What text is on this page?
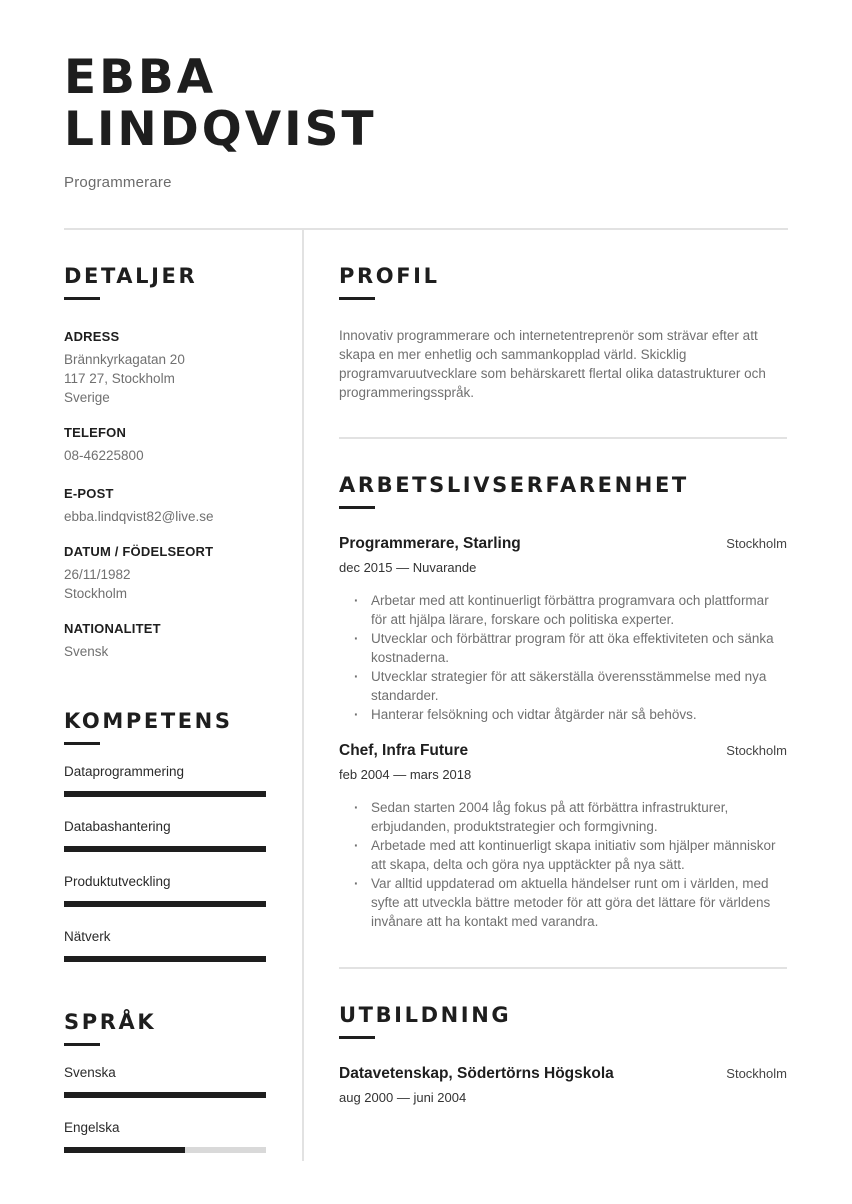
EBBA
LINDQVIST
Programmerare
DETALJER

ADRESS

Brännkyrkagatan 20

117 27, Stockholm

Sverige

TELEFON

08-46225800

E-POST

ebba.lindqvist82@live.se

DATUM / FÖDELSEORT

26/11/1982

Stockholm

NATIONALITET

Svensk

KOMPETENS

Dataprogrammering

Databashantering

Produktutveckling

Nätverk

SPRÅK

Svenska

Engelska

PROFIL

Innovativ programmerare och internetentreprenör som strävar efter att skapa en mer enhetlig och sammankopplad värld. Skicklig programvaruutvecklare som behärskarett flertal olika datastrukturer och programmeringsspråk.

ARBETSLIVSERFARENHET

Programmerare, Starling	Stockholm
dec 2015 — Nuvarande
· Arbetar med att kontinuerligt förbättra programvara och plattformar för att hjälpa lärare, forskare och politiska experter.
· Utvecklar och förbättrar program för att öka effektiviteten och sänka kostnaderna.
· Utvecklar strategier för att säkerställa överensstämmelse med nya standarder.
· Hanterar felsökning och vidtar åtgärder när så behövs.

Chef, Infra Future	Stockholm
feb 2004 — mars 2018
· Sedan starten 2004 låg fokus på att förbättra infrastrukturer, erbjudanden, produktstrategier och formgivning.
· Arbetade med att kontinuerligt skapa initiativ som hjälper människor att skapa, delta och göra nya upptäckter på nya sätt.
· Var alltid uppdaterad om aktuella händelser runt om i världen, med syfte att utveckla bättre metoder för att göra det lättare för världens invånare att ha kontakt med varandra.
UTBILDNING

Datavetenskap, Södertörns Högskola	Stockholm
aug 2000 — juni 2004
